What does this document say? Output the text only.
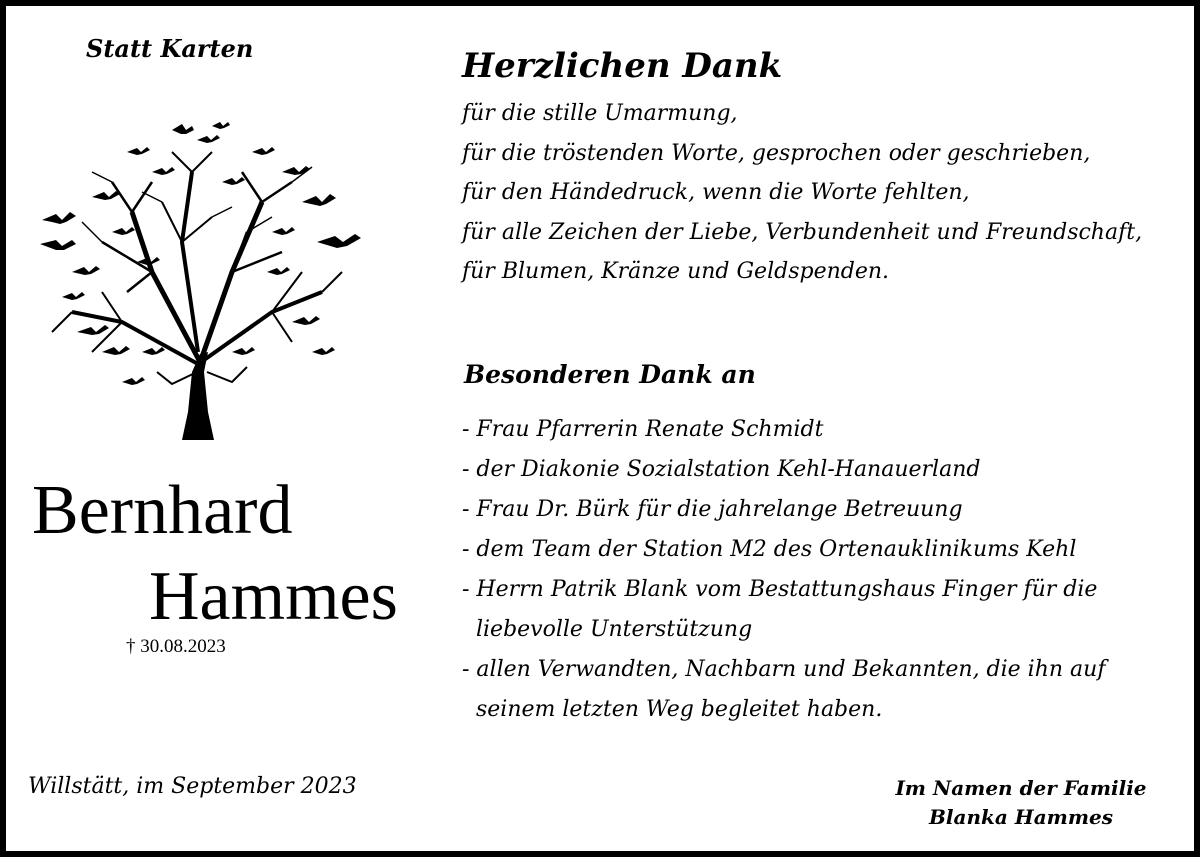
Statt Karten
Bernhard
Hammes
† 30.08.2023
Herzlichen Dank
für die stille Umarmung,
für die tröstenden Worte, gesprochen oder geschrieben,
für den Händedruck, wenn die Worte fehlten,
für alle Zeichen der Liebe, Verbundenheit und Freundschaft,
für Blumen, Kränze und Geldspenden.
Besonderen Dank an
- Frau Pfarrerin Renate Schmidt
- der Diakonie Sozialstation Kehl-Hanauerland
- Frau Dr. Bürk für die jahrelange Betreuung
- dem Team der Station M2 des Ortenauklinikums Kehl
- Herrn Patrik Blank vom Bestattungshaus Finger für die
liebevolle Unterstützung
- allen Verwandten, Nachbarn und Bekannten, die ihn auf
seinem letzten Weg begleitet haben.
Willstätt, im September 2023	Im Namen der Familie
Blanka Hammes
